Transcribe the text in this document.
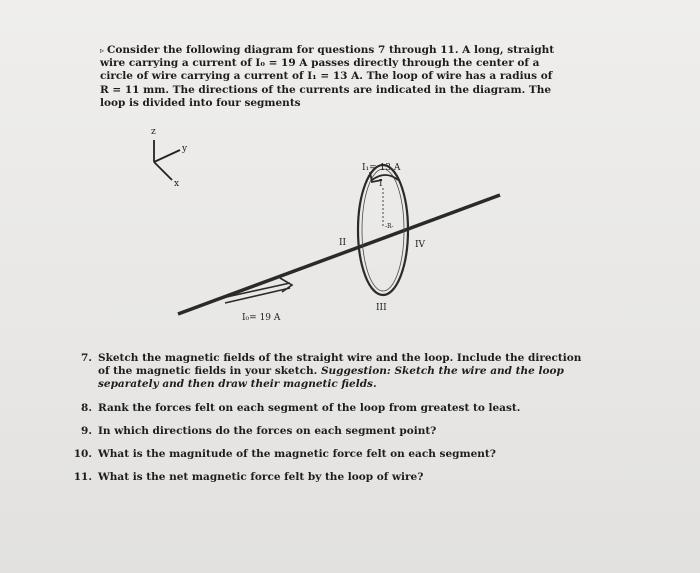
▹ Consider the following diagram for questions 7 through 11. A long, straight wire carrying a current of I₀ = 19 A passes directly through the center of a circle of wire carrying a current of I₁ = 13 A. The loop of wire has a radius of R = 11 mm. The directions of the currents are indicated in the diagram. The loop is divided into four segments
z
y
x
I₀= 19 A
I₁= 13 A
-R-
I
II
III
IV
7. Sketch the magnetic fields of the straight wire and the loop. Include the direction of the magnetic fields in your sketch. Suggestion: Sketch the wire and the loop separately and then draw their magnetic fields.
8. Rank the forces felt on each segment of the loop from greatest to least.
9. In which directions do the forces on each segment point?
10. What is the magnitude of the magnetic force felt on each segment?
11. What is the net magnetic force felt by the loop of wire?
